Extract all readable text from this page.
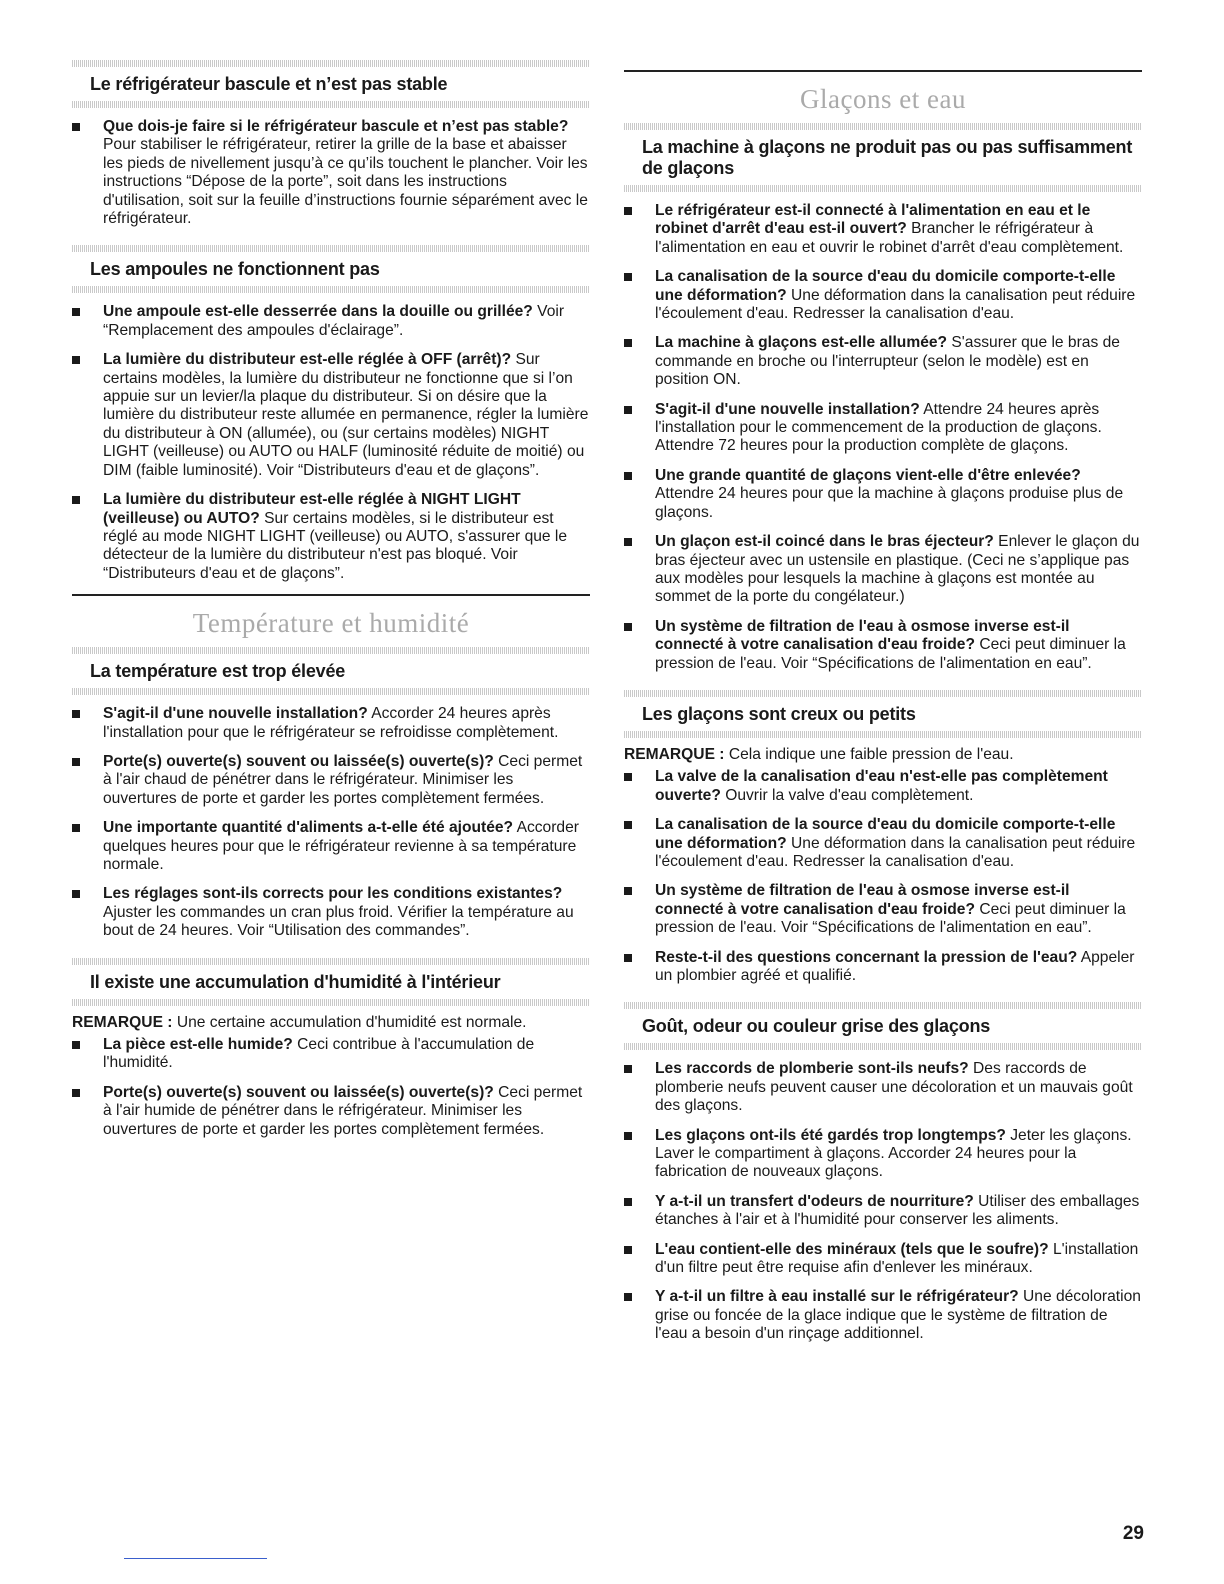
Le réfrigérateur bascule et n’est pas stable
Que dois-je faire si le réfrigérateur bascule et n’est pas stable? Pour stabiliser le réfrigérateur, retirer la grille de la base et abaisser les pieds de nivellement jusqu’à ce qu’ils touchent le plancher. Voir les instructions “Dépose de la porte”, soit dans les instructions d'utilisation, soit sur la feuille d’instructions fournie séparément avec le réfrigérateur.
Les ampoules ne fonctionnent pas
Une ampoule est-elle desserrée dans la douille ou grillée? Voir “Remplacement des ampoules d'éclairage”.
La lumière du distributeur est-elle réglée à OFF (arrêt)? Sur certains modèles, la lumière du distributeur ne fonctionne que si l’on appuie sur un levier/la plaque du distributeur. Si on désire que la lumière du distributeur reste allumée en permanence, régler la lumière du distributeur à ON (allumée), ou (sur certains modèles) NIGHT LIGHT (veilleuse) ou AUTO ou HALF (luminosité réduite de moitié) ou DIM (faible luminosité). Voir “Distributeurs d'eau et de glaçons”.
La lumière du distributeur est-elle réglée à NIGHT LIGHT (veilleuse) ou AUTO? Sur certains modèles, si le distributeur est réglé au mode NIGHT LIGHT (veilleuse) ou AUTO, s'assurer que le détecteur de la lumière du distributeur n'est pas bloqué. Voir “Distributeurs d'eau et de glaçons”.
Température et humidité
La température est trop élevée
S'agit-il d'une nouvelle installation? Accorder 24 heures après l'installation pour que le réfrigérateur se refroidisse complètement.
Porte(s) ouverte(s) souvent ou laissée(s) ouverte(s)? Ceci permet à l'air chaud de pénétrer dans le réfrigérateur. Minimiser les ouvertures de porte et garder les portes complètement fermées.
Une importante quantité d'aliments a-t-elle été ajoutée? Accorder quelques heures pour que le réfrigérateur revienne à sa température normale.
Les réglages sont-ils corrects pour les conditions existantes? Ajuster les commandes un cran plus froid. Vérifier la température au bout de 24 heures. Voir “Utilisation des commandes”.
Il existe une accumulation d'humidité à l'intérieur
REMARQUE : Une certaine accumulation d'humidité est normale.
La pièce est-elle humide? Ceci contribue à l'accumulation de l'humidité.
Porte(s) ouverte(s) souvent ou laissée(s) ouverte(s)? Ceci permet à l'air humide de pénétrer dans le réfrigérateur. Minimiser les ouvertures de porte et garder les portes complètement fermées.
Glaçons et eau
La machine à glaçons ne produit pas ou pas suffisamment de glaçons
Le réfrigérateur est-il connecté à l'alimentation en eau et le robinet d'arrêt d'eau est-il ouvert? Brancher le réfrigérateur à l'alimentation en eau et ouvrir le robinet d'arrêt d'eau complètement.
La canalisation de la source d'eau du domicile comporte-t-elle une déformation? Une déformation dans la canalisation peut réduire l'écoulement d'eau. Redresser la canalisation d'eau.
La machine à glaçons est-elle allumée? S'assurer que le bras de commande en broche ou l'interrupteur (selon le modèle) est en position ON.
S'agit-il d'une nouvelle installation? Attendre 24 heures après l'installation pour le commencement de la production de glaçons. Attendre 72 heures pour la production complète de glaçons.
Une grande quantité de glaçons vient-elle d'être enlevée? Attendre 24 heures pour que la machine à glaçons produise plus de glaçons.
Un glaçon est-il coincé dans le bras éjecteur? Enlever le glaçon du bras éjecteur avec un ustensile en plastique. (Ceci ne s’applique pas aux modèles pour lesquels la machine à glaçons est montée au sommet de la porte du congélateur.)
Un système de filtration de l'eau à osmose inverse est-il connecté à votre canalisation d'eau froide? Ceci peut diminuer la pression de l'eau. Voir “Spécifications de l'alimentation en eau”.
Les glaçons sont creux ou petits
REMARQUE : Cela indique une faible pression de l'eau.
La valve de la canalisation d'eau n'est-elle pas complètement ouverte? Ouvrir la valve d'eau complètement.
La canalisation de la source d'eau du domicile comporte-t-elle une déformation? Une déformation dans la canalisation peut réduire l'écoulement d'eau. Redresser la canalisation d'eau.
Un système de filtration de l'eau à osmose inverse est-il connecté à votre canalisation d'eau froide? Ceci peut diminuer la pression de l'eau. Voir “Spécifications de l'alimentation en eau”.
Reste-t-il des questions concernant la pression de l'eau? Appeler un plombier agréé et qualifié.
Goût, odeur ou couleur grise des glaçons
Les raccords de plomberie sont-ils neufs? Des raccords de plomberie neufs peuvent causer une décoloration et un mauvais goût des glaçons.
Les glaçons ont-ils été gardés trop longtemps? Jeter les glaçons. Laver le compartiment à glaçons. Accorder 24 heures pour la fabrication de nouveaux glaçons.
Y a-t-il un transfert d'odeurs de nourriture? Utiliser des emballages étanches à l'air et à l'humidité pour conserver les aliments.
L'eau contient-elle des minéraux (tels que le soufre)? L'installation d'un filtre peut être requise afin d'enlever les minéraux.
Y a-t-il un filtre à eau installé sur le réfrigérateur? Une décoloration grise ou foncée de la glace indique que le système de filtration de l'eau a besoin d'un rinçage additionnel.
29
